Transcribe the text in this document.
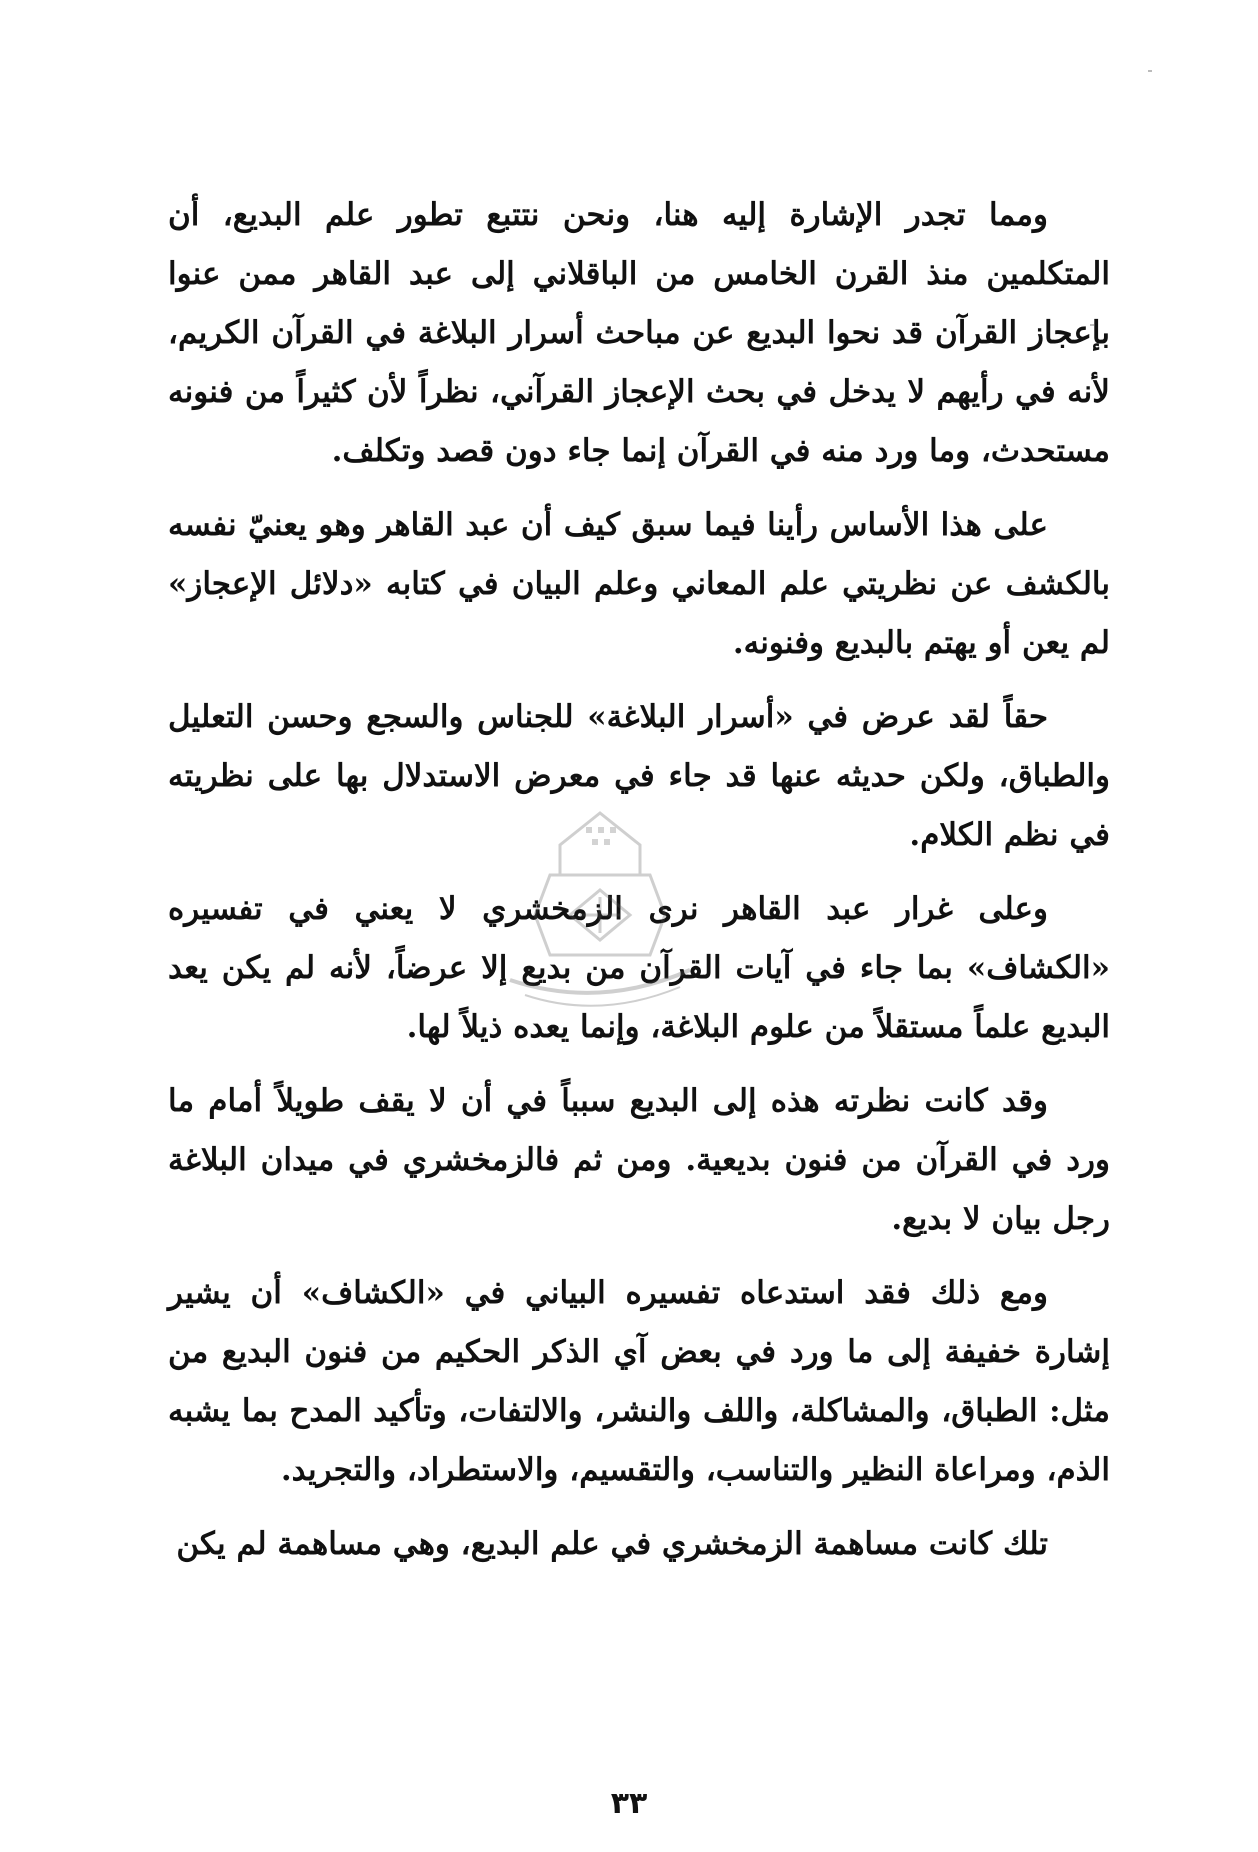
ومما تجدر الإشارة إليه هنا، ونحن نتتبع تطور علم البديع، أن المتكلمين منذ القرن الخامس من الباقلاني إلى عبد القاهر ممن عنوا بإعجاز القرآن قد نحوا البديع عن مباحث أسرار البلاغة في القرآن الكريم، لأنه في رأيهم لا يدخل في بحث الإعجاز القرآني، نظراً لأن كثيراً من فنونه مستحدث، وما ورد منه في القرآن إنما جاء دون قصد وتكلف.

على هذا الأساس رأينا فيما سبق كيف أن عبد القاهر وهو يعنيّ نفسه بالكشف عن نظريتي علم المعاني وعلم البيان في كتابه «دلائل الإعجاز» لم يعن أو يهتم بالبديع وفنونه.

حقاً لقد عرض في «أسرار البلاغة» للجناس والسجع وحسن التعليل والطباق، ولكن حديثه عنها قد جاء في معرض الاستدلال بها على نظريته في نظم الكلام.

وعلى غرار عبد القاهر نرى الزمخشري لا يعني في تفسيره «الكشاف» بما جاء في آيات القرآن من بديع إلا عرضاً، لأنه لم يكن يعد البديع علماً مستقلاً من علوم البلاغة، وإنما يعده ذيلاً لها.

وقد كانت نظرته هذه إلى البديع سبباً في أن لا يقف طويلاً أمام ما ورد في القرآن من فنون بديعية. ومن ثم فالزمخشري في ميدان البلاغة رجل بيان لا بديع.

ومع ذلك فقد استدعاه تفسيره البياني في «الكشاف» أن يشير إشارة خفيفة إلى ما ورد في بعض آي الذكر الحكيم من فنون البديع من مثل: الطباق، والمشاكلة، واللف والنشر، والالتفات، وتأكيد المدح بما يشبه الذم، ومراعاة النظير والتناسب، والتقسيم، والاستطراد، والتجريد.

تلك كانت مساهمة الزمخشري في علم البديع، وهي مساهمة لم يكن

٣٣
